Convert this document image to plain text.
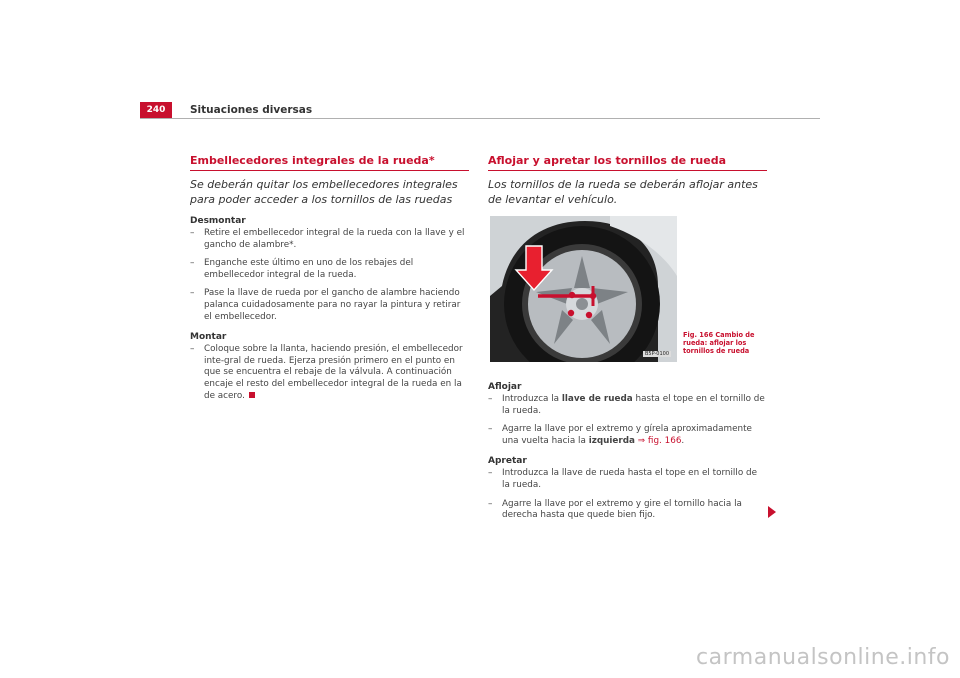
240	Situaciones diversas
Embellecedores integrales de la rueda*
Se deberán quitar los embellecedores integrales para poder acceder a los tornillos de las ruedas
Desmontar
– Retire el embellecedor integral de la rueda con la llave y el gancho de alambre*.
– Enganche este último en uno de los rebajes del embellecedor integral de la rueda.
– Pase la llave de rueda por el gancho de alambre haciendo palanca cuidadosamente para no rayar la pintura y retirar el embellecedor.
Montar
– Coloque sobre la llanta, haciendo presión, el embellecedor inte-gral de rueda. Ejerza presión primero en el punto en que se encuentra el rebaje de la válvula. A continuación encaje el resto del embellecedor integral de la rueda en la de acero.
Aflojar y apretar los tornillos de rueda
Los tornillos de la rueda se deberán aflojar antes de levantar el vehículo.
B5P-0100
Aflojar
– Introduzca la llave de rueda hasta el tope en el tornillo de la rueda.
– Agarre la llave por el extremo y gírela aproximadamente una vuelta hacia la izquierda ⇒ fig. 166.
Apretar
– Introduzca la llave de rueda hasta el tope en el tornillo de la rueda.
– Agarre la llave por el extremo y gire el tornillo hacia la derecha hasta que quede bien fijo.
Fig. 166 Cambio de rueda: aflojar los tornillos de rueda
carmanualsonline.info
